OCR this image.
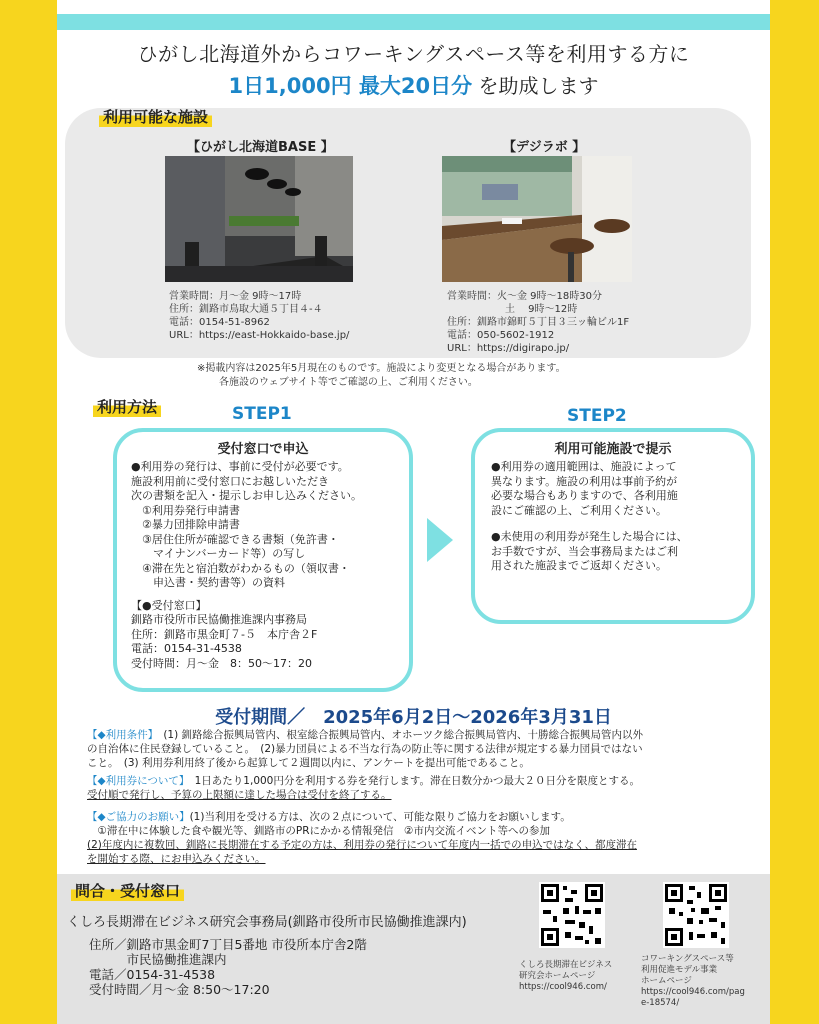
ひがし北海道外からコワーキングスペース等を利用する方に
1日1,000円 最大20日分 を助成します
利用可能な施設
【ひがし北海道BASE 】
営業時間：月～金 9時～17時
住所：釧路市鳥取大通５丁目４-４
電話：0154-51-8962
URL：https://east-Hokkaido-base.jp/
【デジラボ 】
営業時間：火～金 9時～18時30分
土　 9時～12時
住所：釧路市錦町５丁目３三ッ輪ビル1F
電話：050-5602-1912
URL：https://digirapo.jp/
※掲載内容は2025年5月現在のものです。施設により変更となる場合があります。
各施設のウェブサイト等でご確認の上、ご利用ください。
利用方法	STEP1	STEP2
受付窓口で申込

●利用券の発行は、事前に受付が必要です。

施設利用前に受付窓口にお越しいただき

次の書類を記入・提示しお申し込みください。

　①利用券発行申請書

　②暴力団排除申請書

　③居住住所が確認できる書類（免許書・

　　マイナンバーカード等）の写し

　④滞在先と宿泊数がわかるもの（領収書・

　　申込書・契約書等）の資料

【●受付窓口】

釧路市役所市民協働推進課内事務局

住所：釧路市黒金町７-５　本庁舎２F

電話：0154-31-4538

受付時間：月～金　8：50～17：20

利用可能施設で提示

●利用券の適用範囲は、施設によって

異なります。施設の利用は事前予約が

必要な場合もありますので、各利用施

設にご確認の上、ご利用ください。

●未使用の利用券が発生した場合には、

お手数ですが、当会事務局またはご利

用された施設までご返却ください。

受付期間／　2025年6月2日～2026年3月31日
【◆利用条件】　(1) 釧路総合振興局管内、根室総合振興局管内、オホーツク総合振興局管内、十勝総合振興局管内以外
の自治体に住民登録していること。　(2)暴力団員による不当な行為の防止等に関する法律が規定する暴力団員ではない
こと。　(3) 利用券利用終了後から起算して２週間以内に、アンケートを提出可能であること。
【◆利用券について】　1日あたり1,000円分を利用する券を発行します。滞在日数分かつ最大２０日分を限度とする。
受付順で発行し、予算の上限額に達した場合は受付を終了する。
【◆ご協力のお願い】(1)当利用を受ける方は、次の２点について、可能な限りご協力をお願いします。
　①滞在中に体験した食や観光等、釧路市のPRにかかる情報発信　②市内交流イベント等への参加
(2)年度内に複数回、釧路に長期滞在する予定の方は、利用券の発行について年度内一括での申込ではなく、都度滞在
を開始する際、にお申込みください。
問合・受付窓口
くしろ長期滞在ビジネス研究会事務局(釧路市役所市民協働推進課内)
住所／釧路市黒金町7丁目5番地 市役所本庁舎2階
　　　市民協働推進課内
電話／0154-31-4538
受付時間／月～金 8:50～17:20
くしろ長期滞在ビジネス
研究会ホームページ
https://cool946.com/
コワーキングスペース等
利用促進モデル事業
ホームページ
https://cool946.com/pag
e-18574/
